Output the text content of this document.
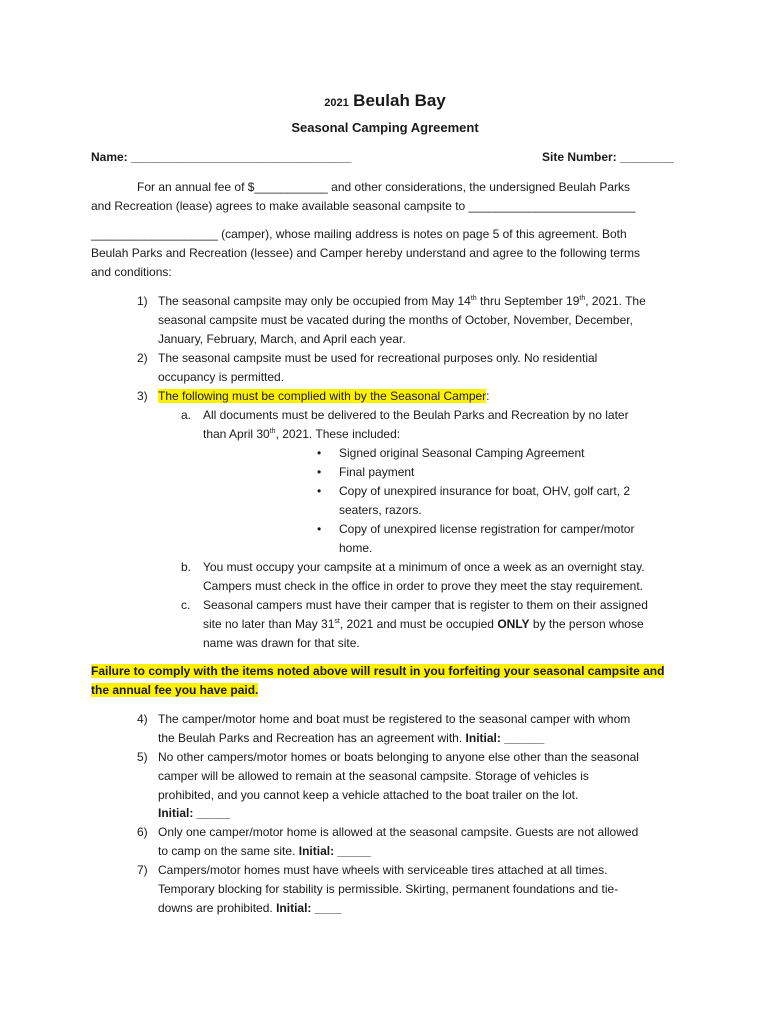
2021 Beulah Bay
Seasonal Camping Agreement
Name: _________________________________	Site Number: ________
For an annual fee of $___________ and other considerations, the undersigned Beulah Parks
and Recreation (lease) agrees to make available seasonal campsite to _________________________
___________________ (camper), whose mailing address is notes on page 5 of this agreement. Both
Beulah Parks and Recreation (lessee) and Camper hereby understand and agree to the following terms
and conditions:
1) The seasonal campsite may only be occupied from May 14th thru September 19th, 2021. The
seasonal campsite must be vacated during the months of October, November, December,
January, February, March, and April each year.
2) The seasonal campsite must be used for recreational purposes only. No residential
occupancy is permitted.
3) The following must be complied with by the Seasonal Camper:
a. All documents must be delivered to the Beulah Parks and Recreation by no later
than April 30th, 2021. These included:
• Signed original Seasonal Camping Agreement
• Final payment
• Copy of unexpired insurance for boat, OHV, golf cart, 2
seaters, razors.
• Copy of unexpired license registration for camper/motor
home.
b. You must occupy your campsite at a minimum of once a week as an overnight stay.
Campers must check in the office in order to prove they meet the stay requirement.
c. Seasonal campers must have their camper that is register to them on their assigned
site no later than May 31st, 2021 and must be occupied ONLY by the person whose
name was drawn for that site.
Failure to comply with the items noted above will result in you forfeiting your seasonal campsite and
the annual fee you have paid.
4) The camper/motor home and boat must be registered to the seasonal camper with whom
the Beulah Parks and Recreation has an agreement with. Initial: ______
5) No other campers/motor homes or boats belonging to anyone else other than the seasonal
camper will be allowed to remain at the seasonal campsite. Storage of vehicles is
prohibited, and you cannot keep a vehicle attached to the boat trailer on the lot.
Initial: _____
6) Only one camper/motor home is allowed at the seasonal campsite. Guests are not allowed
to camp on the same site. Initial: _____
7) Campers/motor homes must have wheels with serviceable tires attached at all times.
Temporary blocking for stability is permissible. Skirting, permanent foundations and tie-
downs are prohibited. Initial: ____
